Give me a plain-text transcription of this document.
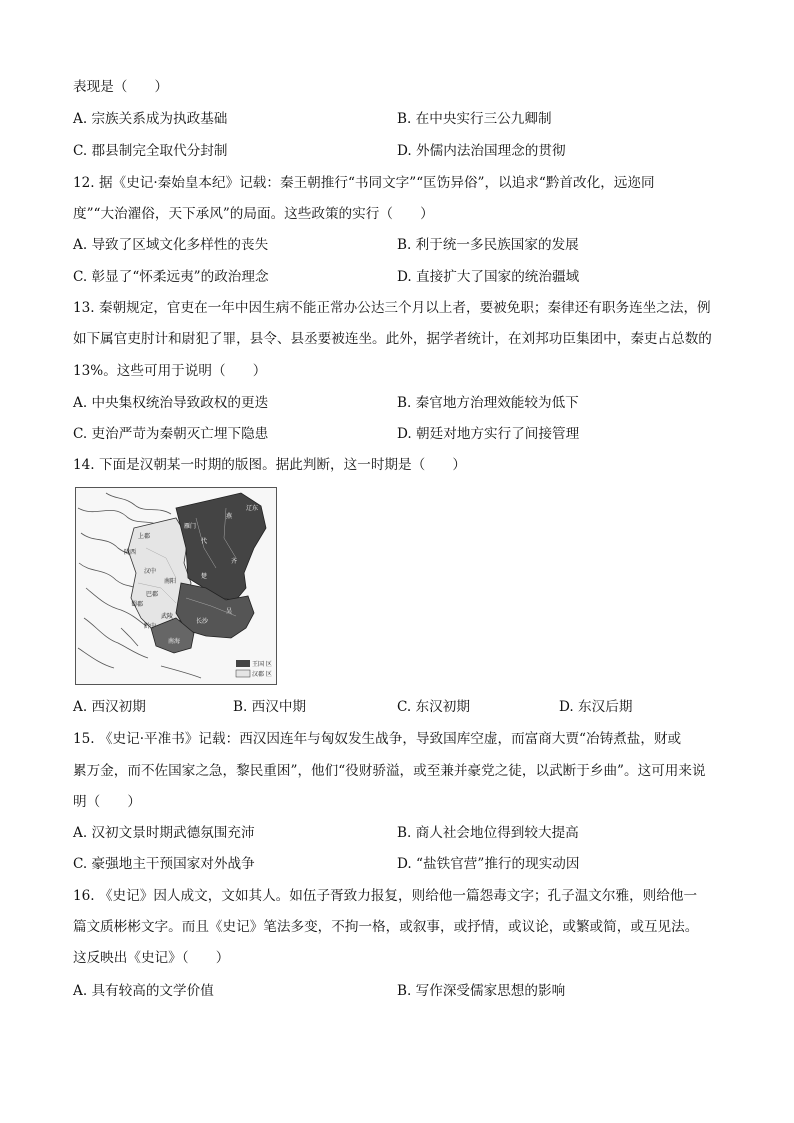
表现是（　　）
A. 宗族关系成为执政基础	B. 在中央实行三公九卿制
C. 郡县制完全取代分封制	D. 外儒内法治国理念的贯彻
12. 据《史记·秦始皇本纪》记载：秦王朝推行“书同文字”“匡饬异俗”，以追求“黔首改化，远迩同
度”“大治濯俗，天下承风”的局面。这些政策的实行（　　）
A. 导致了区域文化多样性的丧失	B. 利于统一多民族国家的发展
C. 彰显了“怀柔远夷”的政治理念	D. 直接扩大了国家的统治疆域
13. 秦朝规定，官吏在一年中因生病不能正常办公达三个月以上者，要被免职；秦律还有职务连坐之法，例
如下属官吏肘计和尉犯了罪，县令、县丞要被连坐。此外，据学者统计，在刘邦功臣集团中，秦吏占总数的
13%。这些可用于说明（　　）
A. 中央集权统治导致政权的更迭	B. 秦官地方治理效能较为低下
C. 吏治严苛为秦朝灭亡埋下隐患	D. 朝廷对地方实行了间接管理
14. 下面是汉朝某一时期的版图。据此判断，这一时期是（　　）
上郡
雁门
代
燕
辽东
陇西
汉中
巴郡
蜀郡
南阳
楚
齐
吴
长沙
武陵
黔中
南海
王国 区
汉郡 区
A. 西汉初期	B. 西汉中期	C. 东汉初期	D. 东汉后期
15. 《史记·平准书》记载：西汉因连年与匈奴发生战争，导致国库空虚，而富商大贾“冶铸煮盐，财或
累万金，而不佐国家之急，黎民重困”，他们“役财骄溢，或至兼并豪党之徒，以武断于乡曲”。这可用来说
明（　　）
A. 汉初文景时期武德氛围充沛	B. 商人社会地位得到较大提高
C. 豪强地主干预国家对外战争	D. “盐铁官营”推行的现实动因
16. 《史记》因人成文，文如其人。如伍子胥致力报复，则给他一篇怨毒文字；孔子温文尔雅，则给他一
篇文质彬彬文字。而且《史记》笔法多变，不拘一格，或叙事，或抒情，或议论，或繁或简，或互见法。
这反映出《史记》（　　）
A. 具有较高的文学价值	B. 写作深受儒家思想的影响
